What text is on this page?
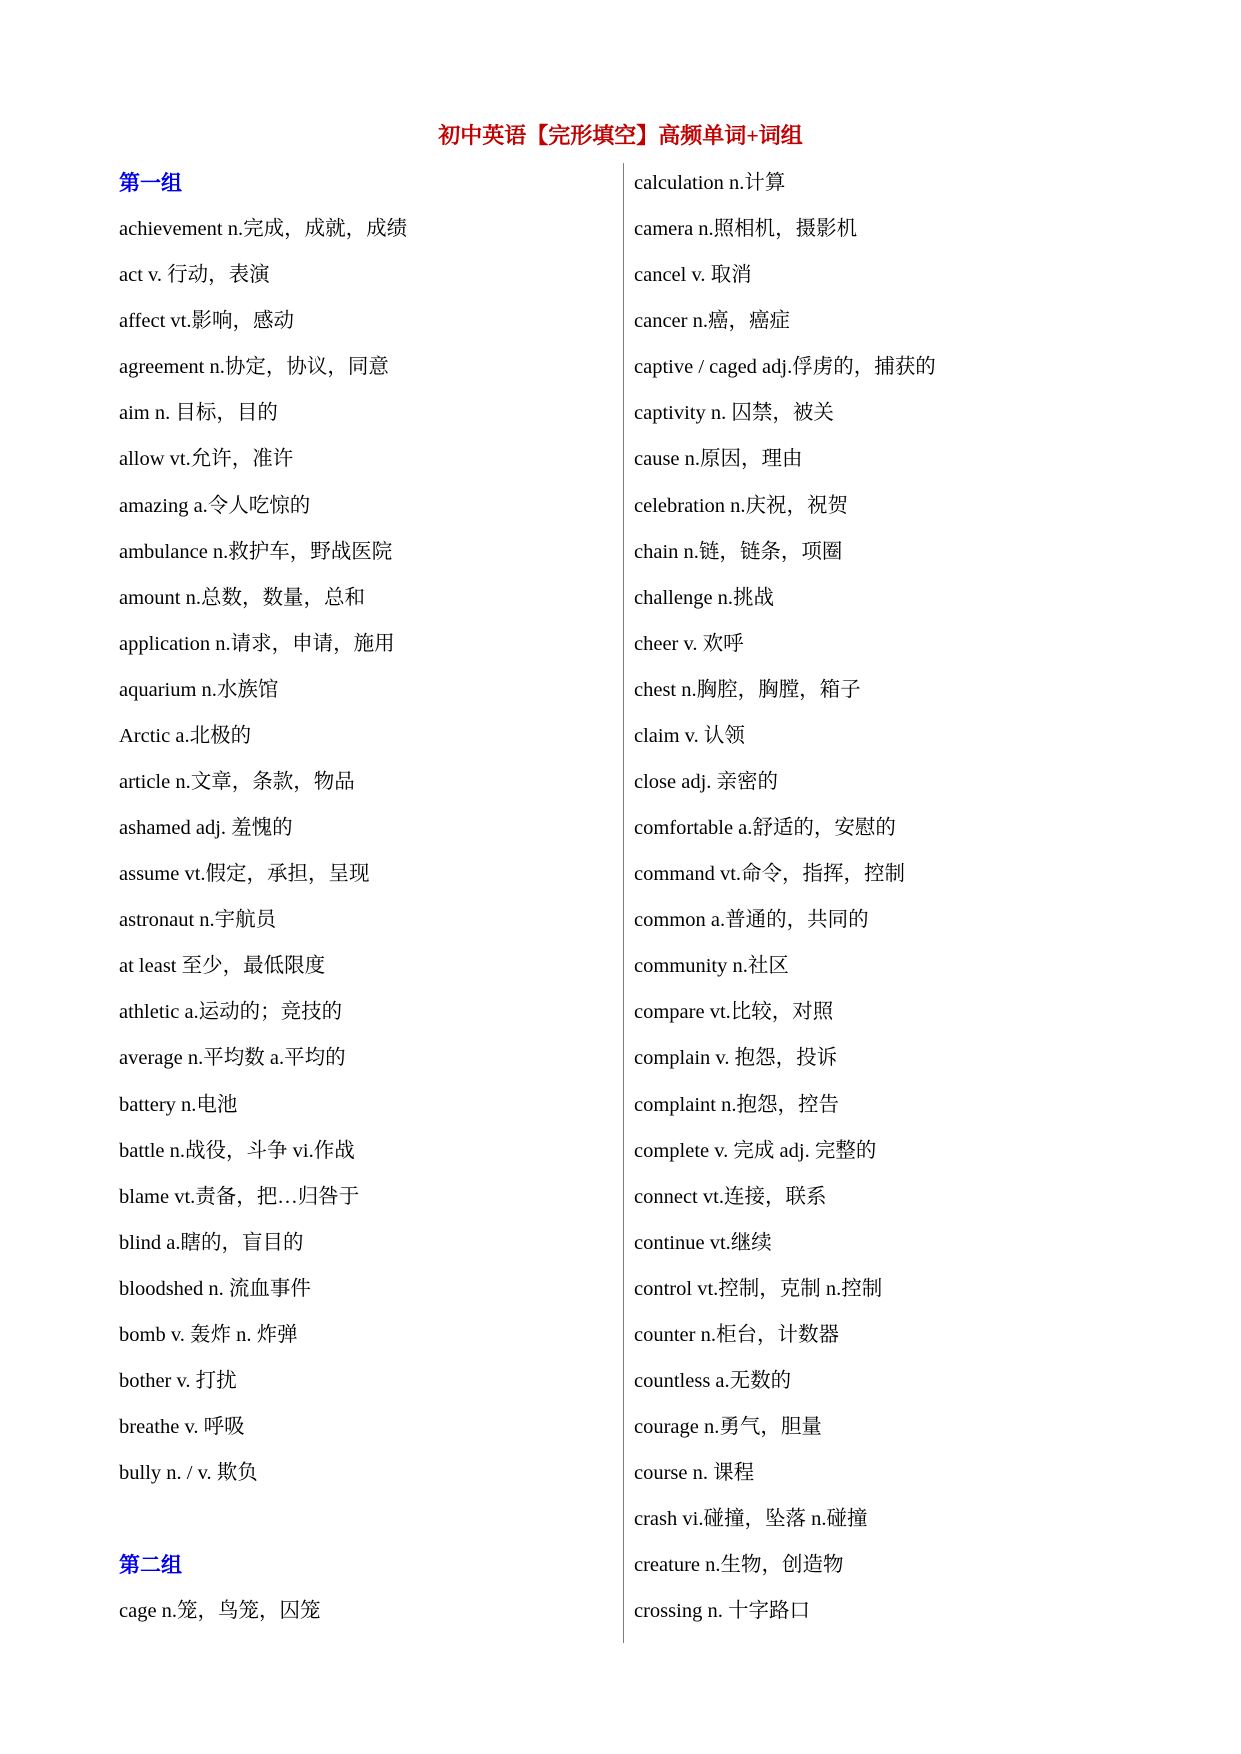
初中英语【完形填空】高频单词+词组
第一组
achievement n.完成，成就，成绩
act v. 行动，表演
affect vt.影响，感动
agreement n.协定，协议，同意
aim n. 目标，目的
allow vt.允许，准许
amazing a.令人吃惊的
ambulance n.救护车，野战医院
amount n.总数，数量，总和
application n.请求，申请，施用
aquarium n.水族馆
Arctic a.北极的
article n.文章，条款，物品
ashamed adj. 羞愧的
assume vt.假定，承担，呈现
astronaut n.宇航员
at least 至少，最低限度
athletic a.运动的；竞技的
average n.平均数 a.平均的
battery n.电池
battle n.战役，斗争 vi.作战
blame vt.责备，把…归咎于
blind a.瞎的，盲目的
bloodshed n. 流血事件
bomb v. 轰炸 n. 炸弹
bother v. 打扰
breathe v. 呼吸
bully n. / v. 欺负
第二组
cage n.笼，鸟笼，囚笼
calculation n.计算
camera n.照相机，摄影机
cancel v. 取消
cancer n.癌，癌症
captive / caged adj.俘虏的，捕获的
captivity n. 囚禁，被关
cause n.原因，理由
celebration n.庆祝，祝贺
chain n.链，链条，项圈
challenge n.挑战
cheer v. 欢呼
chest n.胸腔，胸膛，箱子
claim v. 认领
close adj. 亲密的
comfortable a.舒适的，安慰的
command vt.命令，指挥，控制
common a.普通的，共同的
community n.社区
compare vt.比较，对照
complain v. 抱怨，投诉
complaint n.抱怨，控告
complete v. 完成 adj. 完整的
connect vt.连接，联系
continue vt.继续
control vt.控制，克制 n.控制
counter n.柜台，计数器
countless a.无数的
courage n.勇气，胆量
course n. 课程
crash vi.碰撞，坠落 n.碰撞
creature n.生物，创造物
crossing n. 十字路口
